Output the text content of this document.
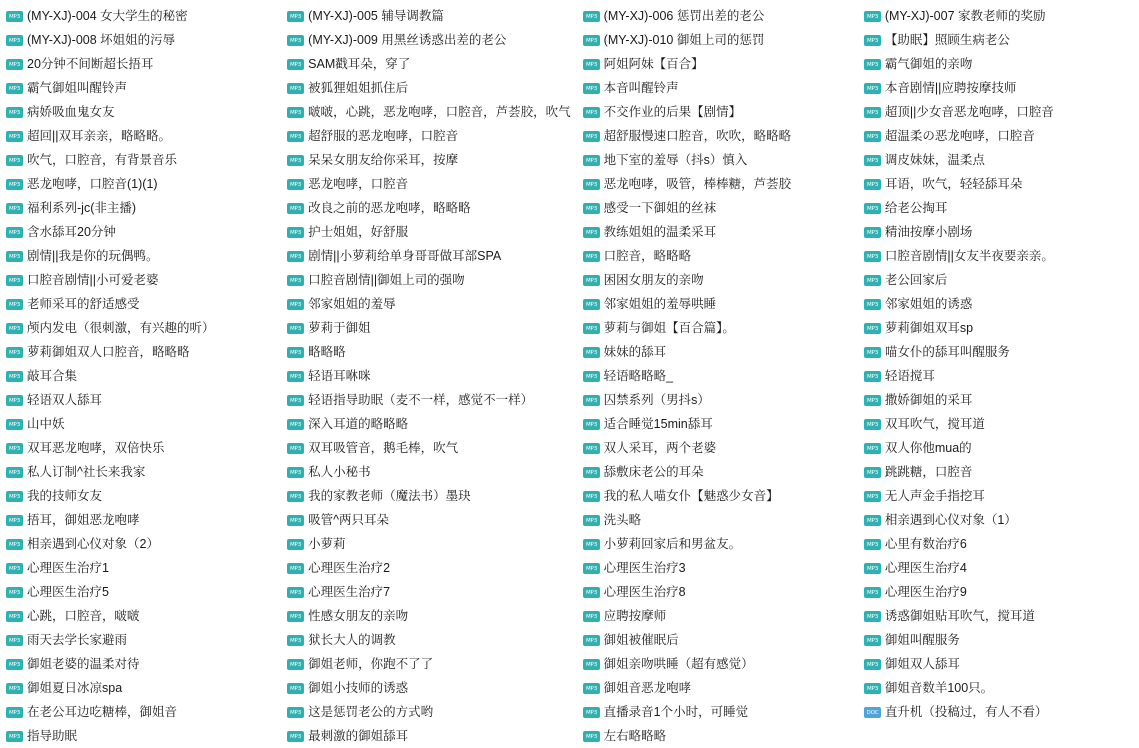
MP3
(MY-XJ)-004 女大学生的秘密
MP3
(MY-XJ)-008 坏姐姐的污辱
MP3
20分钟不间断超长捂耳
MP3
霸气御姐叫醒铃声
MP3
病娇吸血鬼女友
MP3
超回||双耳亲亲，略略略。
MP3
吹气，口腔音，有背景音乐
MP3
恶龙咆哮，口腔音(1)(1)
MP3
福利系列-jc(非主播)
MP3
含水舔耳20分钟
MP3
剧情||我是你的玩偶鸭。
MP3
口腔音剧情||小可爱老婆
MP3
老师采耳的舒适感受
MP3
颅内发电（很刺激，有兴趣的听）
MP3
萝莉御姐双人口腔音，略略略
MP3
敲耳合集
MP3
轻语双人舔耳
MP3
山中妖
MP3
双耳恶龙咆哮，双倍快乐
MP3
私人订制^社长来我家
MP3
我的技师女友
MP3
捂耳，御姐恶龙咆哮
MP3
相亲遇到心仪对象（2）
MP3
心理医生治疗1
MP3
心理医生治疗5
MP3
心跳，口腔音，啵啵
MP3
雨天去学长家避雨
MP3
御姐老婆的温柔对待
MP3
御姐夏日冰凉spa
MP3
在老公耳边吃糖棒，御姐音
MP3
指导助眠
MP3
(MY-XJ)-005 辅导调教篇
MP3
(MY-XJ)-009 用黑丝诱惑出差的老公
MP3
SAM戳耳朵，穿了
MP3
被狐狸姐姐抓住后
MP3
啵啵，心跳，恶龙咆哮，口腔音，芦荟胶，吹气
MP3
超舒服的恶龙咆哮，口腔音
MP3
呆呆女朋友给你采耳，按摩
MP3
恶龙咆哮，口腔音
MP3
改良之前的恶龙咆哮，略略略
MP3
护士姐姐，好舒服
MP3
剧情||小萝莉给单身哥哥做耳部SPA
MP3
口腔音剧情||御姐上司的强吻
MP3
邻家姐姐的羞辱
MP3
萝莉于御姐
MP3
略略略
MP3
轻语耳咻咪
MP3
轻语指导助眠（麦不一样，感觉不一样）
MP3
深入耳道的略略略
MP3
双耳吸管音，鹅毛棒，吹气
MP3
私人小秘书
MP3
我的家教老师（魔法书）墨玦
MP3
吸管^两只耳朵
MP3
小萝莉
MP3
心理医生治疗2
MP3
心理医生治疗7
MP3
性感女朋友的亲吻
MP3
狱长大人的调教
MP3
御姐老师，你跑不了了
MP3
御姐小技师的诱惑
MP3
这是惩罚老公的方式哟
MP3
最刺激的御姐舔耳
MP3
(MY-XJ)-006 惩罚出差的老公
MP3
(MY-XJ)-010 御姐上司的惩罚
MP3
阿姐阿妹【百合】
MP3
本音叫醒铃声
MP3
不交作业的后果【剧情】
MP3
超舒服慢速口腔音，吹吹，略略略
MP3
地下室的羞辱（抖s）慎入
MP3
恶龙咆哮，吸管，棒棒糖，芦荟胶
MP3
感受一下御姐的丝袜
MP3
教练姐姐的温柔采耳
MP3
口腔音，略略略
MP3
困困女朋友的亲吻
MP3
邻家姐姐的羞辱哄睡
MP3
萝莉与御姐【百合篇】。
MP3
妹妹的舔耳
MP3
轻语略略略_
MP3
囚禁系列（男抖s）
MP3
适合睡觉15min舔耳
MP3
双人采耳，两个老婆
MP3
舔敷床老公的耳朵
MP3
我的私人喵女仆【魅惑少女音】
MP3
洗头略
MP3
小萝莉回家后和男盆友。
MP3
心理医生治疗3
MP3
心理医生治疗8
MP3
应聘按摩师
MP3
御姐被催眠后
MP3
御姐亲吻哄睡（超有感觉）
MP3
御姐音恶龙咆哮
MP3
直播录音1个小时，可睡觉
MP3
左右略略略
MP3
(MY-XJ)-007 家教老师的奖励
MP3
【助眠】照顾生病老公
MP3
霸气御姐的亲吻
MP3
本音剧情||应聘按摩技师
MP3
超顶||少女音恶龙咆哮，口腔音
MP3
超温柔の恶龙咆哮，口腔音
MP3
调皮妹妹，温柔点
MP3
耳语，吹气，轻轻舔耳朵
MP3
给老公掏耳
MP3
精油按摩小剧场
MP3
口腔音剧情||女友半夜要亲亲。
MP3
老公回家后
MP3
邻家姐姐的诱惑
MP3
萝莉御姐双耳sp
MP3
喵女仆的舔耳叫醒服务
MP3
轻语搅耳
MP3
撒娇御姐的采耳
MP3
双耳吹气，搅耳道
MP3
双人你他mua的
MP3
跳跳糖，口腔音
MP3
无人声金手指挖耳
MP3
相亲遇到心仪对象（1）
MP3
心里有数治疗6
MP3
心理医生治疗4
MP3
心理医生治疗9
MP3
诱惑御姐贴耳吹气，搅耳道
MP3
御姐叫醒服务
MP3
御姐双人舔耳
MP3
御姐音数羊100只。
DOC
直升机（投稿过，有人不看）
